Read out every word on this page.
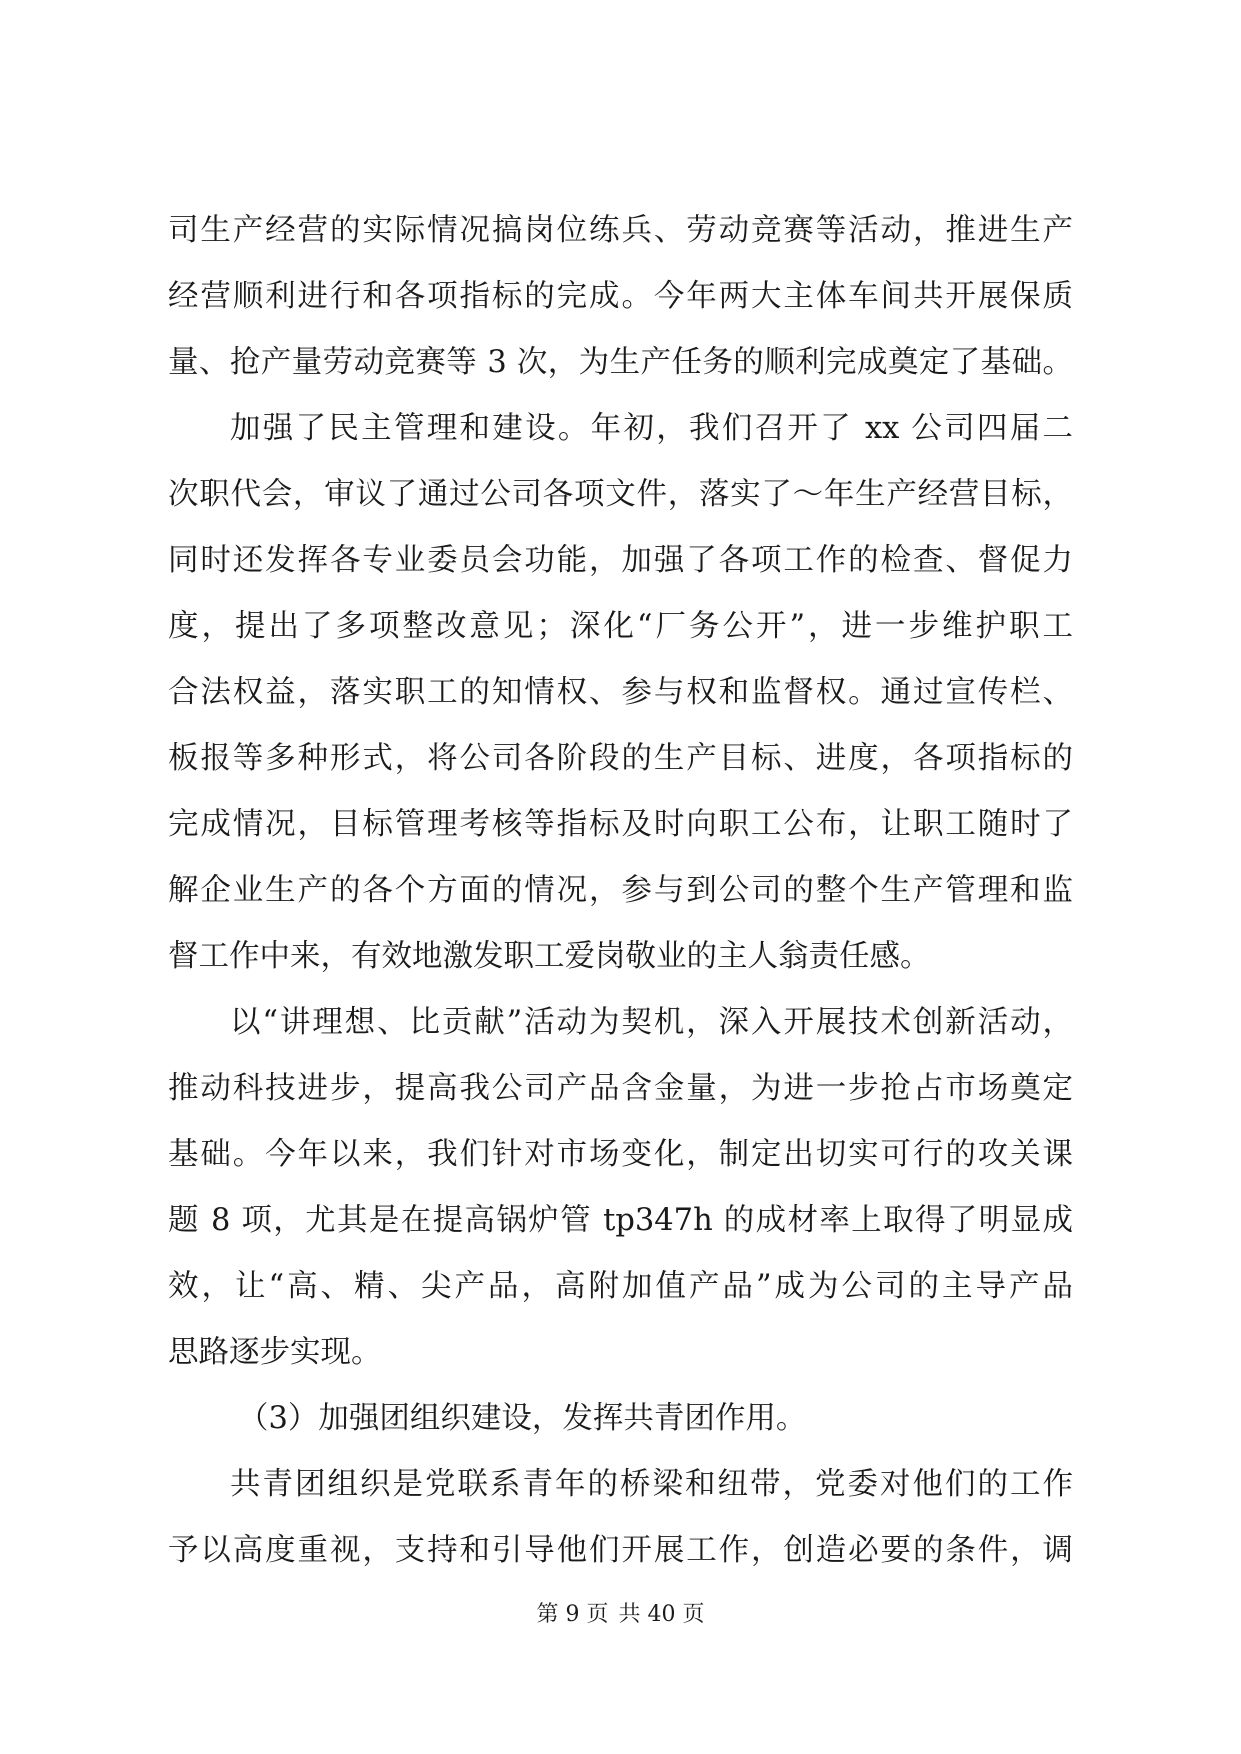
司生产经营的实际情况搞岗位练兵、劳动竞赛等活动，推进生产
经营顺利进行和各项指标的完成。今年两大主体车间共开展保质
量、抢产量劳动竞赛等 3 次，为生产任务的顺利完成奠定了基础。
加强了民主管理和建设。年初，我们召开了 xx 公司四届二
次职代会，审议了通过公司各项文件，落实了～年生产经营目标，
同时还发挥各专业委员会功能，加强了各项工作的检查、督促力
度，提出了多项整改意见；深化“厂务公开”，进一步维护职工
合法权益，落实职工的知情权、参与权和监督权。通过宣传栏、
板报等多种形式，将公司各阶段的生产目标、进度，各项指标的
完成情况，目标管理考核等指标及时向职工公布，让职工随时了
解企业生产的各个方面的情况，参与到公司的整个生产管理和监
督工作中来，有效地激发职工爱岗敬业的主人翁责任感。
以“讲理想、比贡献”活动为契机，深入开展技术创新活动，
推动科技进步，提高我公司产品含金量，为进一步抢占市场奠定
基础。今年以来，我们针对市场变化，制定出切实可行的攻关课
题 8 项，尤其是在提高锅炉管 tp347h 的成材率上取得了明显成
效，让“高、精、尖产品，高附加值产品”成为公司的主导产品
思路逐步实现。
（3）加强团组织建设，发挥共青团作用。
共青团组织是党联系青年的桥梁和纽带，党委对他们的工作
予以高度重视，支持和引导他们开展工作，创造必要的条件，调
第 9 页 共 40 页
